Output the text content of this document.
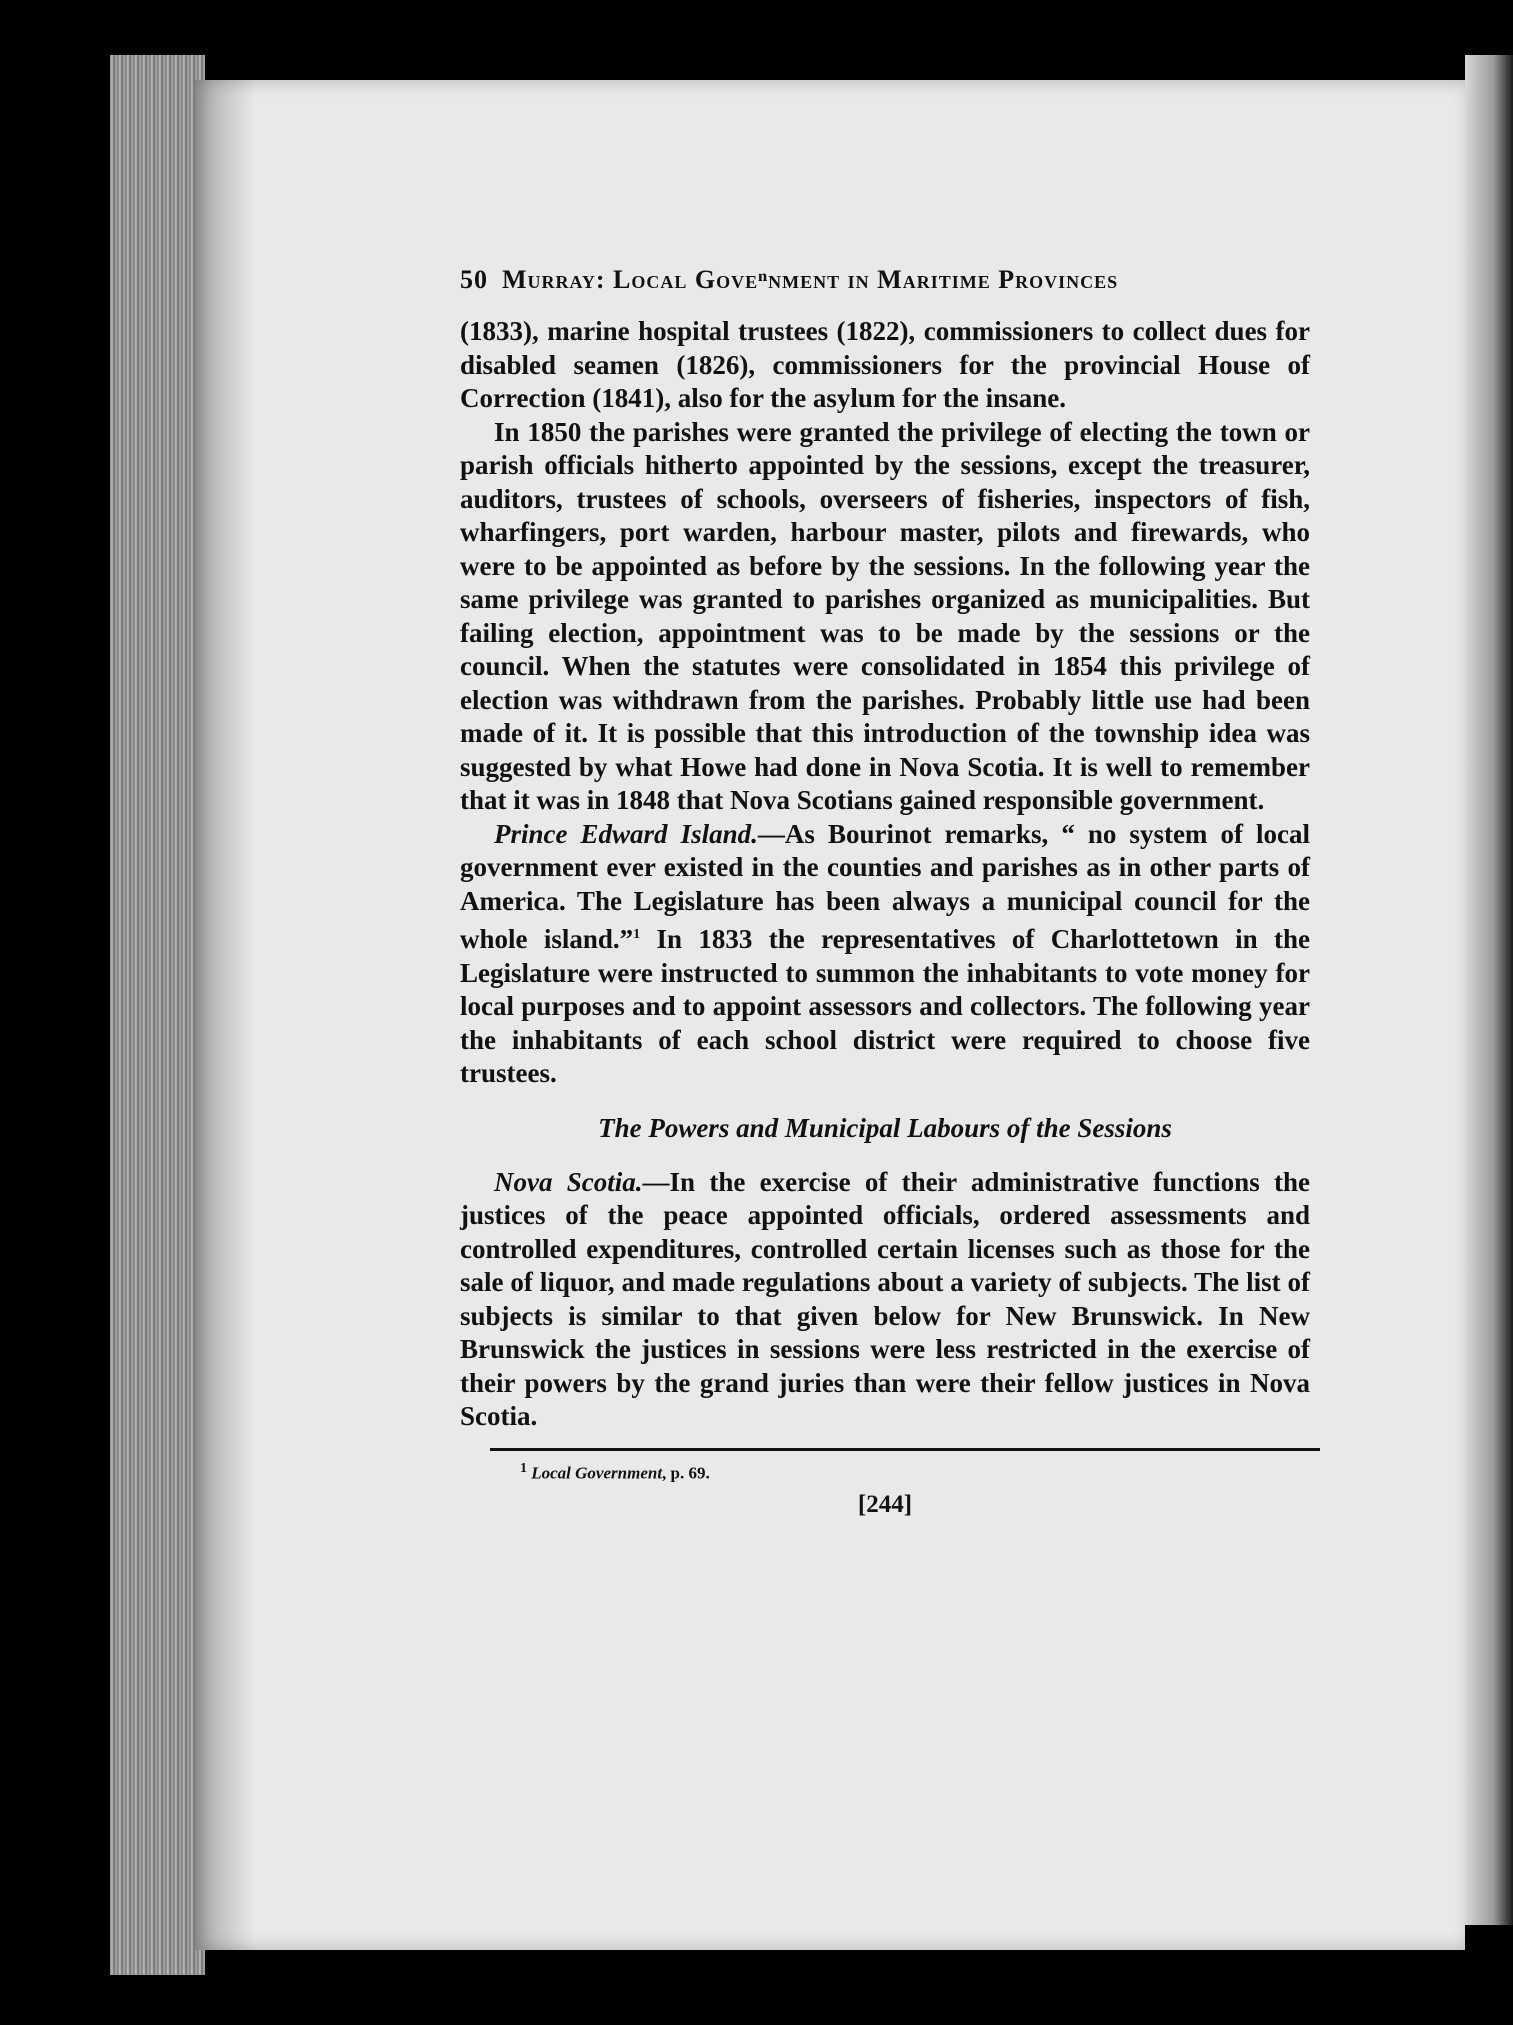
50 Murray: Local Goveⁿnment in Maritime Provinces

(1833), marine hospital trustees (1822), commissioners to collect dues for disabled seamen (1826), commissioners for the provincial House of Correction (1841), also for the asylum for the insane.

In 1850 the parishes were granted the privilege of electing the town or parish officials hitherto appointed by the sessions, except the treasurer, auditors, trustees of schools, overseers of fisheries, inspectors of fish, wharfingers, port warden, harbour master, pilots and firewards, who were to be appointed as before by the sessions. In the following year the same privilege was granted to parishes organized as municipalities. But failing election, appointment was to be made by the sessions or the council. When the statutes were consolidated in 1854 this privilege of election was withdrawn from the parishes. Probably little use had been made of it. It is possible that this introduction of the township idea was suggested by what Howe had done in Nova Scotia. It is well to remember that it was in 1848 that Nova Scotians gained responsible government.

Prince Edward Island.—As Bourinot remarks, “ no system of local government ever existed in the counties and parishes as in other parts of America. The Legislature has been always a municipal council for the whole island.”$^1$ In 1833 the representatives of Charlottetown in the Legislature were instructed to summon the inhabitants to vote money for local purposes and to appoint assessors and collectors. The following year the inhabitants of each school district were required to choose five trustees.

The Powers and Municipal Labours of the Sessions

Nova Scotia.—In the exercise of their administrative functions the justices of the peace appointed officials, ordered assessments and controlled expenditures, controlled certain licenses such as those for the sale of liquor, and made regulations about a variety of subjects. The list of subjects is similar to that given below for New Brunswick. In New Brunswick the justices in sessions were less restricted in the exercise of their powers by the grand juries than were their fellow justices in Nova Scotia.

$^1$ Local Government, p. 69.
[244]
